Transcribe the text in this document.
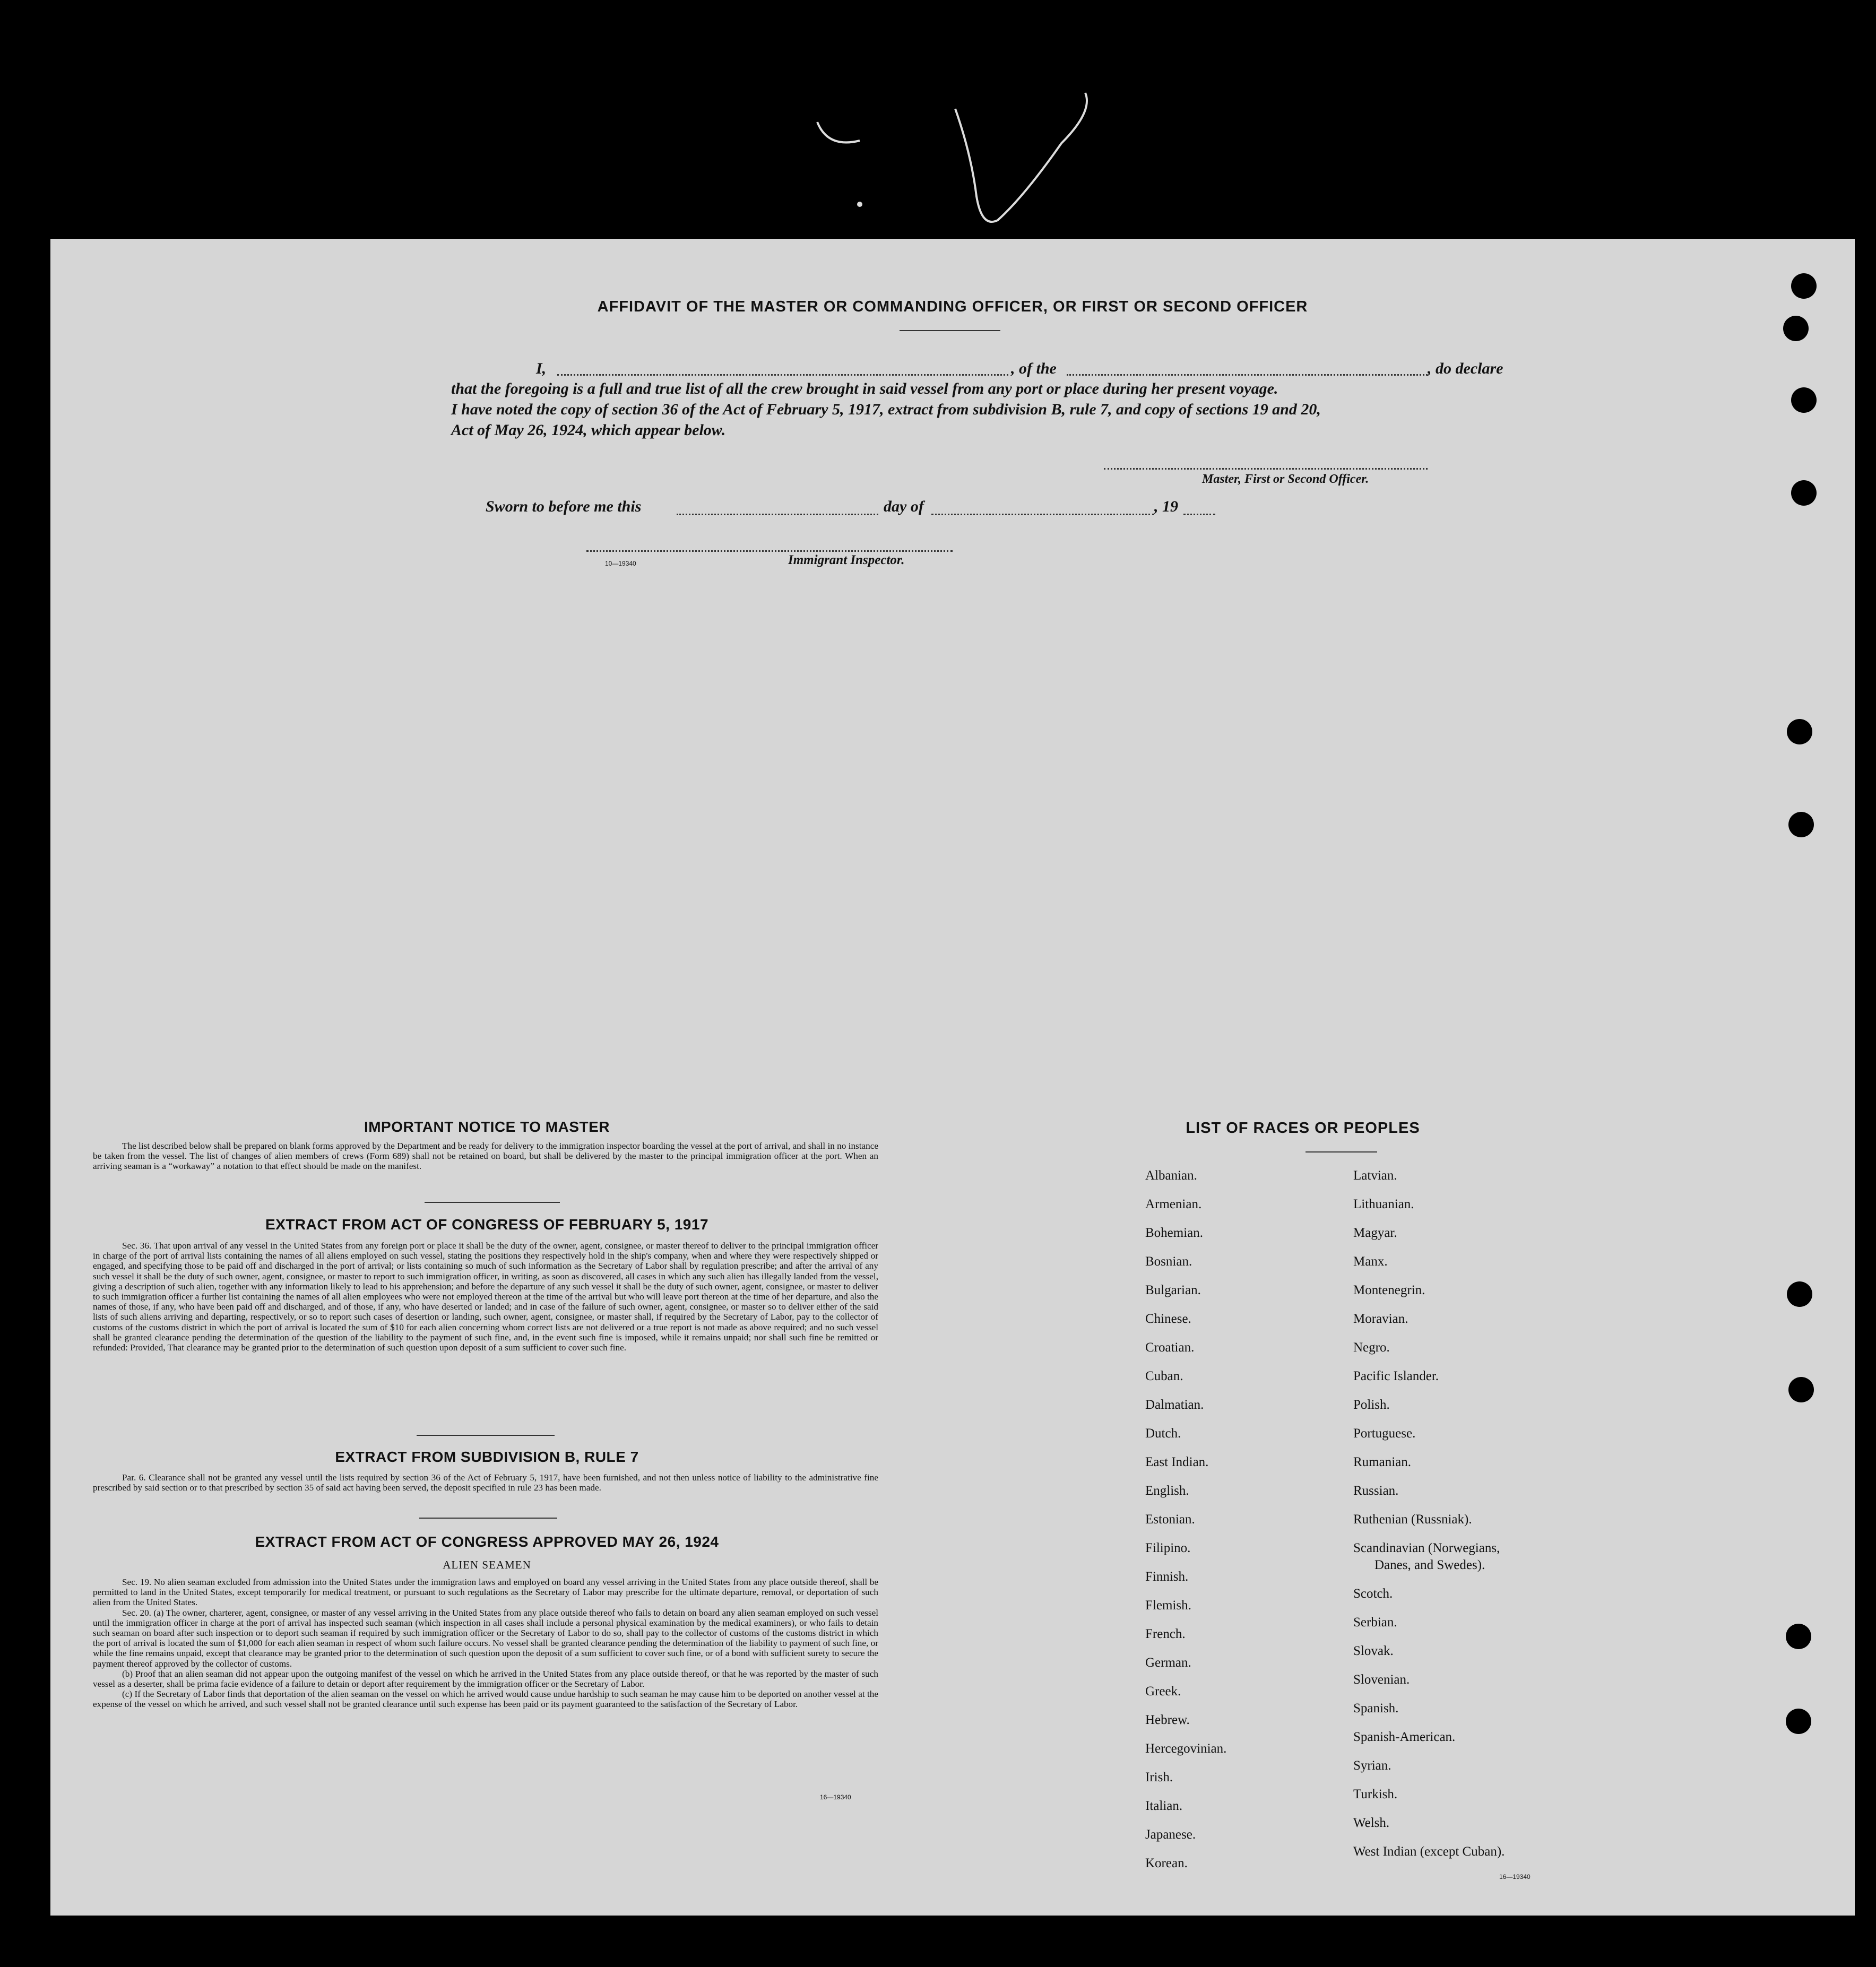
AFFIDAVIT OF THE MASTER OR COMMANDING OFFICER, OR FIRST OR SECOND OFFICER
I,	, of the	, do declare
that the foregoing is a full and true list of all the crew brought in said vessel from any port or place during her present voyage.
I have noted the copy of section 36 of the Act of February 5, 1917, extract from subdivision B, rule 7, and copy of sections 19 and 20,
Act of May 26, 1924, which appear below.
Master, First or Second Officer.
Sworn to before me this	day of	, 19
10—19340	Immigrant Inspector.
IMPORTANT NOTICE TO MASTER

The list described below shall be prepared on blank forms approved by the Department and be ready for delivery to the immigration inspector boarding the vessel at the port of arrival, and shall in no instance be taken from the vessel. The list of changes of alien members of crews (Form 689) shall not be retained on board, but shall be delivered by the master to the principal immigration officer at the port. When an arriving seaman is a “workaway” a notation to that effect should be made on the manifest.

EXTRACT FROM ACT OF CONGRESS OF FEBRUARY 5, 1917

Sec. 36. That upon arrival of any vessel in the United States from any foreign port or place it shall be the duty of the owner, agent, consignee, or master thereof to deliver to the principal immigration officer in charge of the port of arrival lists containing the names of all aliens employed on such vessel, stating the positions they respectively hold in the ship's company, when and where they were respectively shipped or engaged, and specifying those to be paid off and discharged in the port of arrival; or lists containing so much of such information as the Secretary of Labor shall by regulation prescribe; and after the arrival of any such vessel it shall be the duty of such owner, agent, consignee, or master to report to such immigration officer, in writing, as soon as discovered, all cases in which any such alien has illegally landed from the vessel, giving a description of such alien, together with any information likely to lead to his apprehension; and before the departure of any such vessel it shall be the duty of such owner, agent, consignee, or master to deliver to such immigration officer a further list containing the names of all alien employees who were not employed thereon at the time of the arrival but who will leave port thereon at the time of her departure, and also the names of those, if any, who have been paid off and discharged, and of those, if any, who have deserted or landed; and in case of the failure of such owner, agent, consignee, or master so to deliver either of the said lists of such aliens arriving and departing, respectively, or so to report such cases of desertion or landing, such owner, agent, consignee, or master shall, if required by the Secretary of Labor, pay to the collector of customs of the customs district in which the port of arrival is located the sum of $10 for each alien concerning whom correct lists are not delivered or a true report is not made as above required; and no such vessel shall be granted clearance pending the determination of the question of the liability to the payment of such fine, and, in the event such fine is imposed, while it remains unpaid; nor shall such fine be remitted or refunded: Provided, That clearance may be granted prior to the determination of such question upon deposit of a sum sufficient to cover such fine.

EXTRACT FROM SUBDIVISION B, RULE 7

Par. 6. Clearance shall not be granted any vessel until the lists required by section 36 of the Act of February 5, 1917, have been furnished, and not then unless notice of liability to the administrative fine prescribed by said section or to that prescribed by section 35 of said act having been served, the deposit specified in rule 23 has been made.

EXTRACT FROM ACT OF CONGRESS APPROVED MAY 26, 1924
ALIEN SEAMEN

Sec. 19. No alien seaman excluded from admission into the United States under the immigration laws and employed on board any vessel arriving in the United States from any place outside thereof, shall be permitted to land in the United States, except temporarily for medical treatment, or pursuant to such regulations as the Secretary of Labor may prescribe for the ultimate departure, removal, or deportation of such alien from the United States.

Sec. 20. (a) The owner, charterer, agent, consignee, or master of any vessel arriving in the United States from any place outside thereof who fails to detain on board any alien seaman employed on such vessel until the immigration officer in charge at the port of arrival has inspected such seaman (which inspection in all cases shall include a personal physical examination by the medical examiners), or who fails to detain such seaman on board after such inspection or to deport such seaman if required by such immigration officer or the Secretary of Labor to do so, shall pay to the collector of customs of the customs district in which the port of arrival is located the sum of $1,000 for each alien seaman in respect of whom such failure occurs. No vessel shall be granted clearance pending the determination of the liability to payment of such fine, or while the fine remains unpaid, except that clearance may be granted prior to the determination of such question upon the deposit of a sum sufficient to cover such fine, or of a bond with sufficient surety to secure the payment thereof approved by the collector of customs.

(b) Proof that an alien seaman did not appear upon the outgoing manifest of the vessel on which he arrived in the United States from any place outside thereof, or that he was reported by the master of such vessel as a deserter, shall be prima facie evidence of a failure to detain or deport after requirement by the immigration officer or the Secretary of Labor.

(c) If the Secretary of Labor finds that deportation of the alien seaman on the vessel on which he arrived would cause undue hardship to such seaman he may cause him to be deported on another vessel at the expense of the vessel on which he arrived, and such vessel shall not be granted clearance until such expense has been paid or its payment guaranteed to the satisfaction of the Secretary of Labor.

16—19340
LIST OF RACES OR PEOPLES
16—19340
Albanian.
Armenian.
Bohemian.
Bosnian.
Bulgarian.
Chinese.
Croatian.
Cuban.
Dalmatian.
Dutch.
East Indian.
English.
Estonian.
Filipino.
Finnish.
Flemish.
French.
German.
Greek.
Hebrew.
Hercegovinian.
Irish.
Italian.
Japanese.
Korean.
Latvian.
Lithuanian.
Magyar.
Manx.
Montenegrin.
Moravian.
Negro.
Pacific Islander.
Polish.
Portuguese.
Rumanian.
Russian.
Ruthenian (Russniak).
Scandinavian (Norwegians,
Danes, and Swedes).
Scotch.
Serbian.
Slovak.
Slovenian.
Spanish.
Spanish-American.
Syrian.
Turkish.
Welsh.
West Indian (except Cuban).
